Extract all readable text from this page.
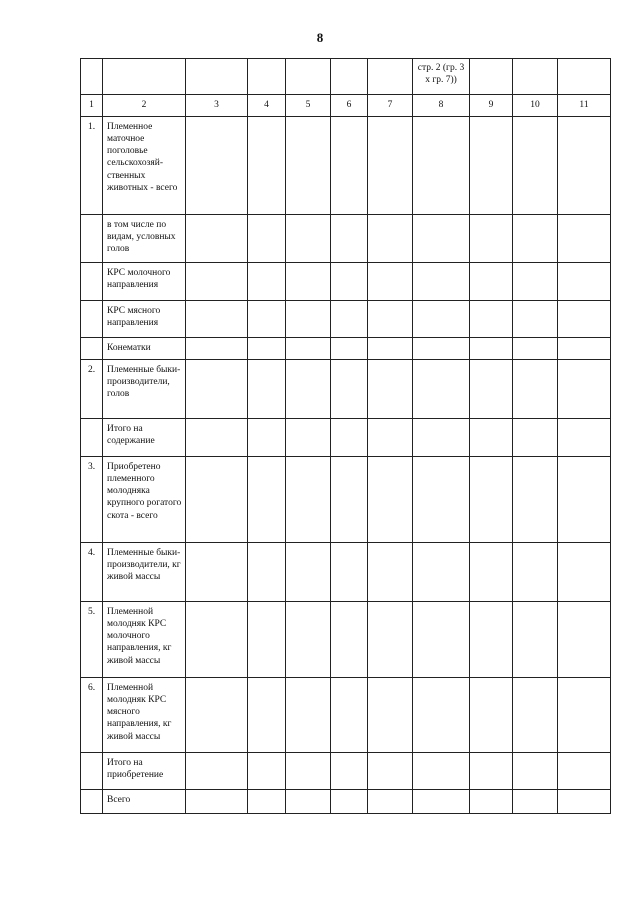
8
							стр. 2 (гр. 3 х гр. 7))			
1	2	3	4	5	6	7	8	9	10	11
1.	Племенное маточное поголовье сельскохозяй-ственных животных - всего									
	в том числе по видам, условных голов									
	КРС молочного направления									
	КРС мясного направления									
	Конематки									
2.	Племенные быки-производители, голов									
	Итого на содержание									
3.	Приобретено племенного молодняка крупного рогатого скота - всего									
4.	Племенные быки-производители, кг живой массы									
5.	Племенной молодняк КРС молочного направления, кг живой массы									
6.	Племенной молодняк КРС мясного направления, кг живой массы									
	Итого на приобретение									
	Всего									
